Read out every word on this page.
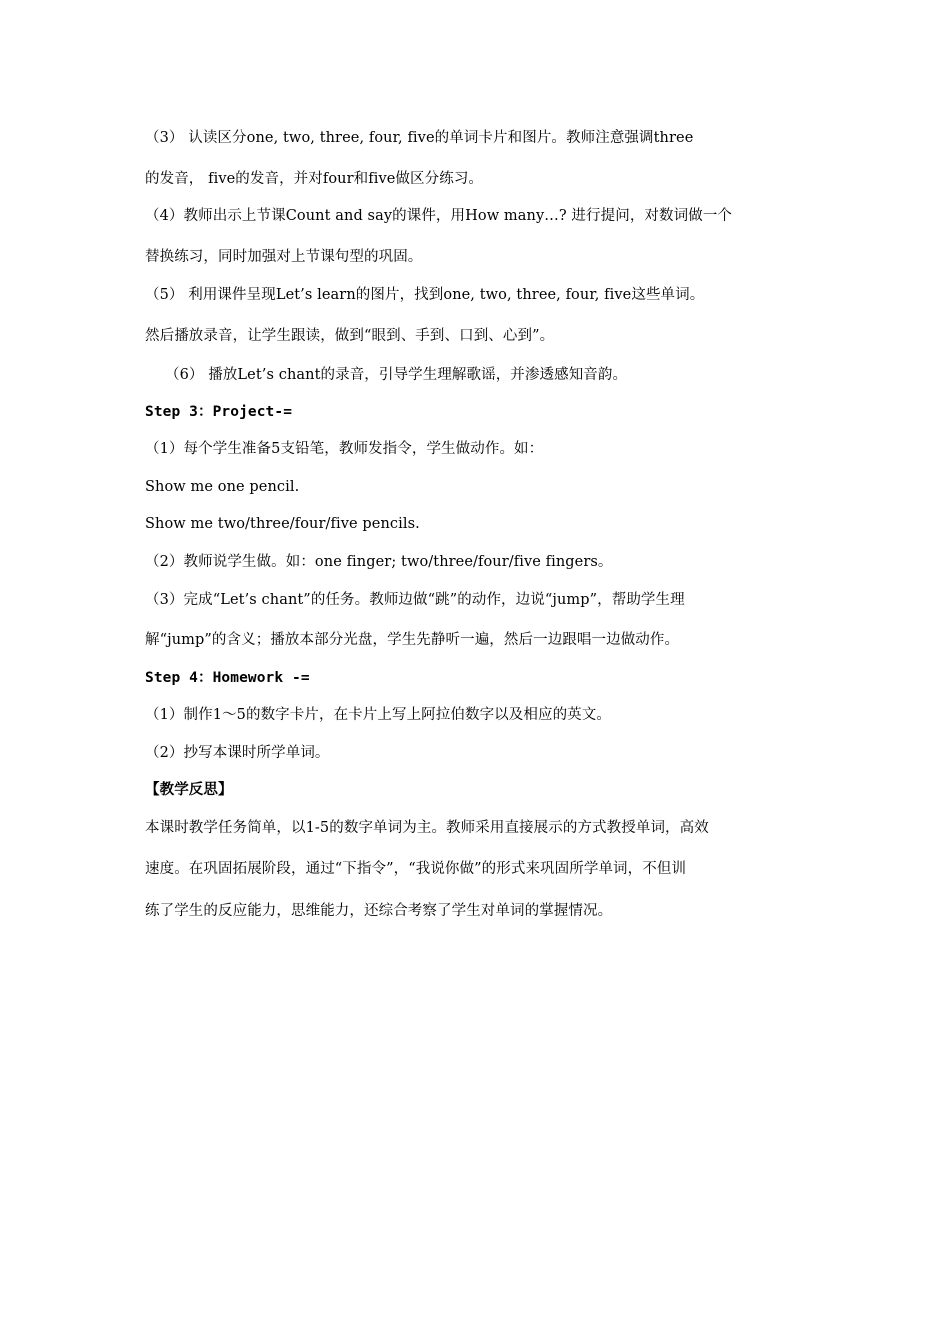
（3） 认读区分one, two, three, four, five的单词卡片和图片。教师注意强调three
的发音， five的发音，并对four和five做区分练习。
（4）教师出示上节课Count and say的课件，用How many…? 进行提问，对数词做一个
替换练习，同时加强对上节课句型的巩固。
（5） 利用课件呈现Let’s learn的图片，找到one, two, three, four, five这些单词。
然后播放录音，让学生跟读，做到“眼到、手到、口到、心到”。
（6） 播放Let’s chant的录音，引导学生理解歌谣，并渗透感知音韵。
Step 3：Project-=
（1）每个学生准备5支铅笔，教师发指令，学生做动作。如：
Show me one pencil.
Show me two/three/four/five pencils.
（2）教师说学生做。如：one finger; two/three/four/five fingers。
（3）完成“Let’s chant”的任务。教师边做“跳”的动作，边说“jump”，帮助学生理
解“jump”的含义；播放本部分光盘，学生先静听一遍，然后一边跟唱一边做动作。
Step 4：Homework -=
（1）制作1～5的数字卡片，在卡片上写上阿拉伯数字以及相应的英文。
（2）抄写本课时所学单词。
【教学反思】
本课时教学任务简单，以1-5的数字单词为主。教师采用直接展示的方式教授单词，高效
速度。在巩固拓展阶段，通过“下指令”，“我说你做”的形式来巩固所学单词，不但训
练了学生的反应能力，思维能力，还综合考察了学生对单词的掌握情况。
